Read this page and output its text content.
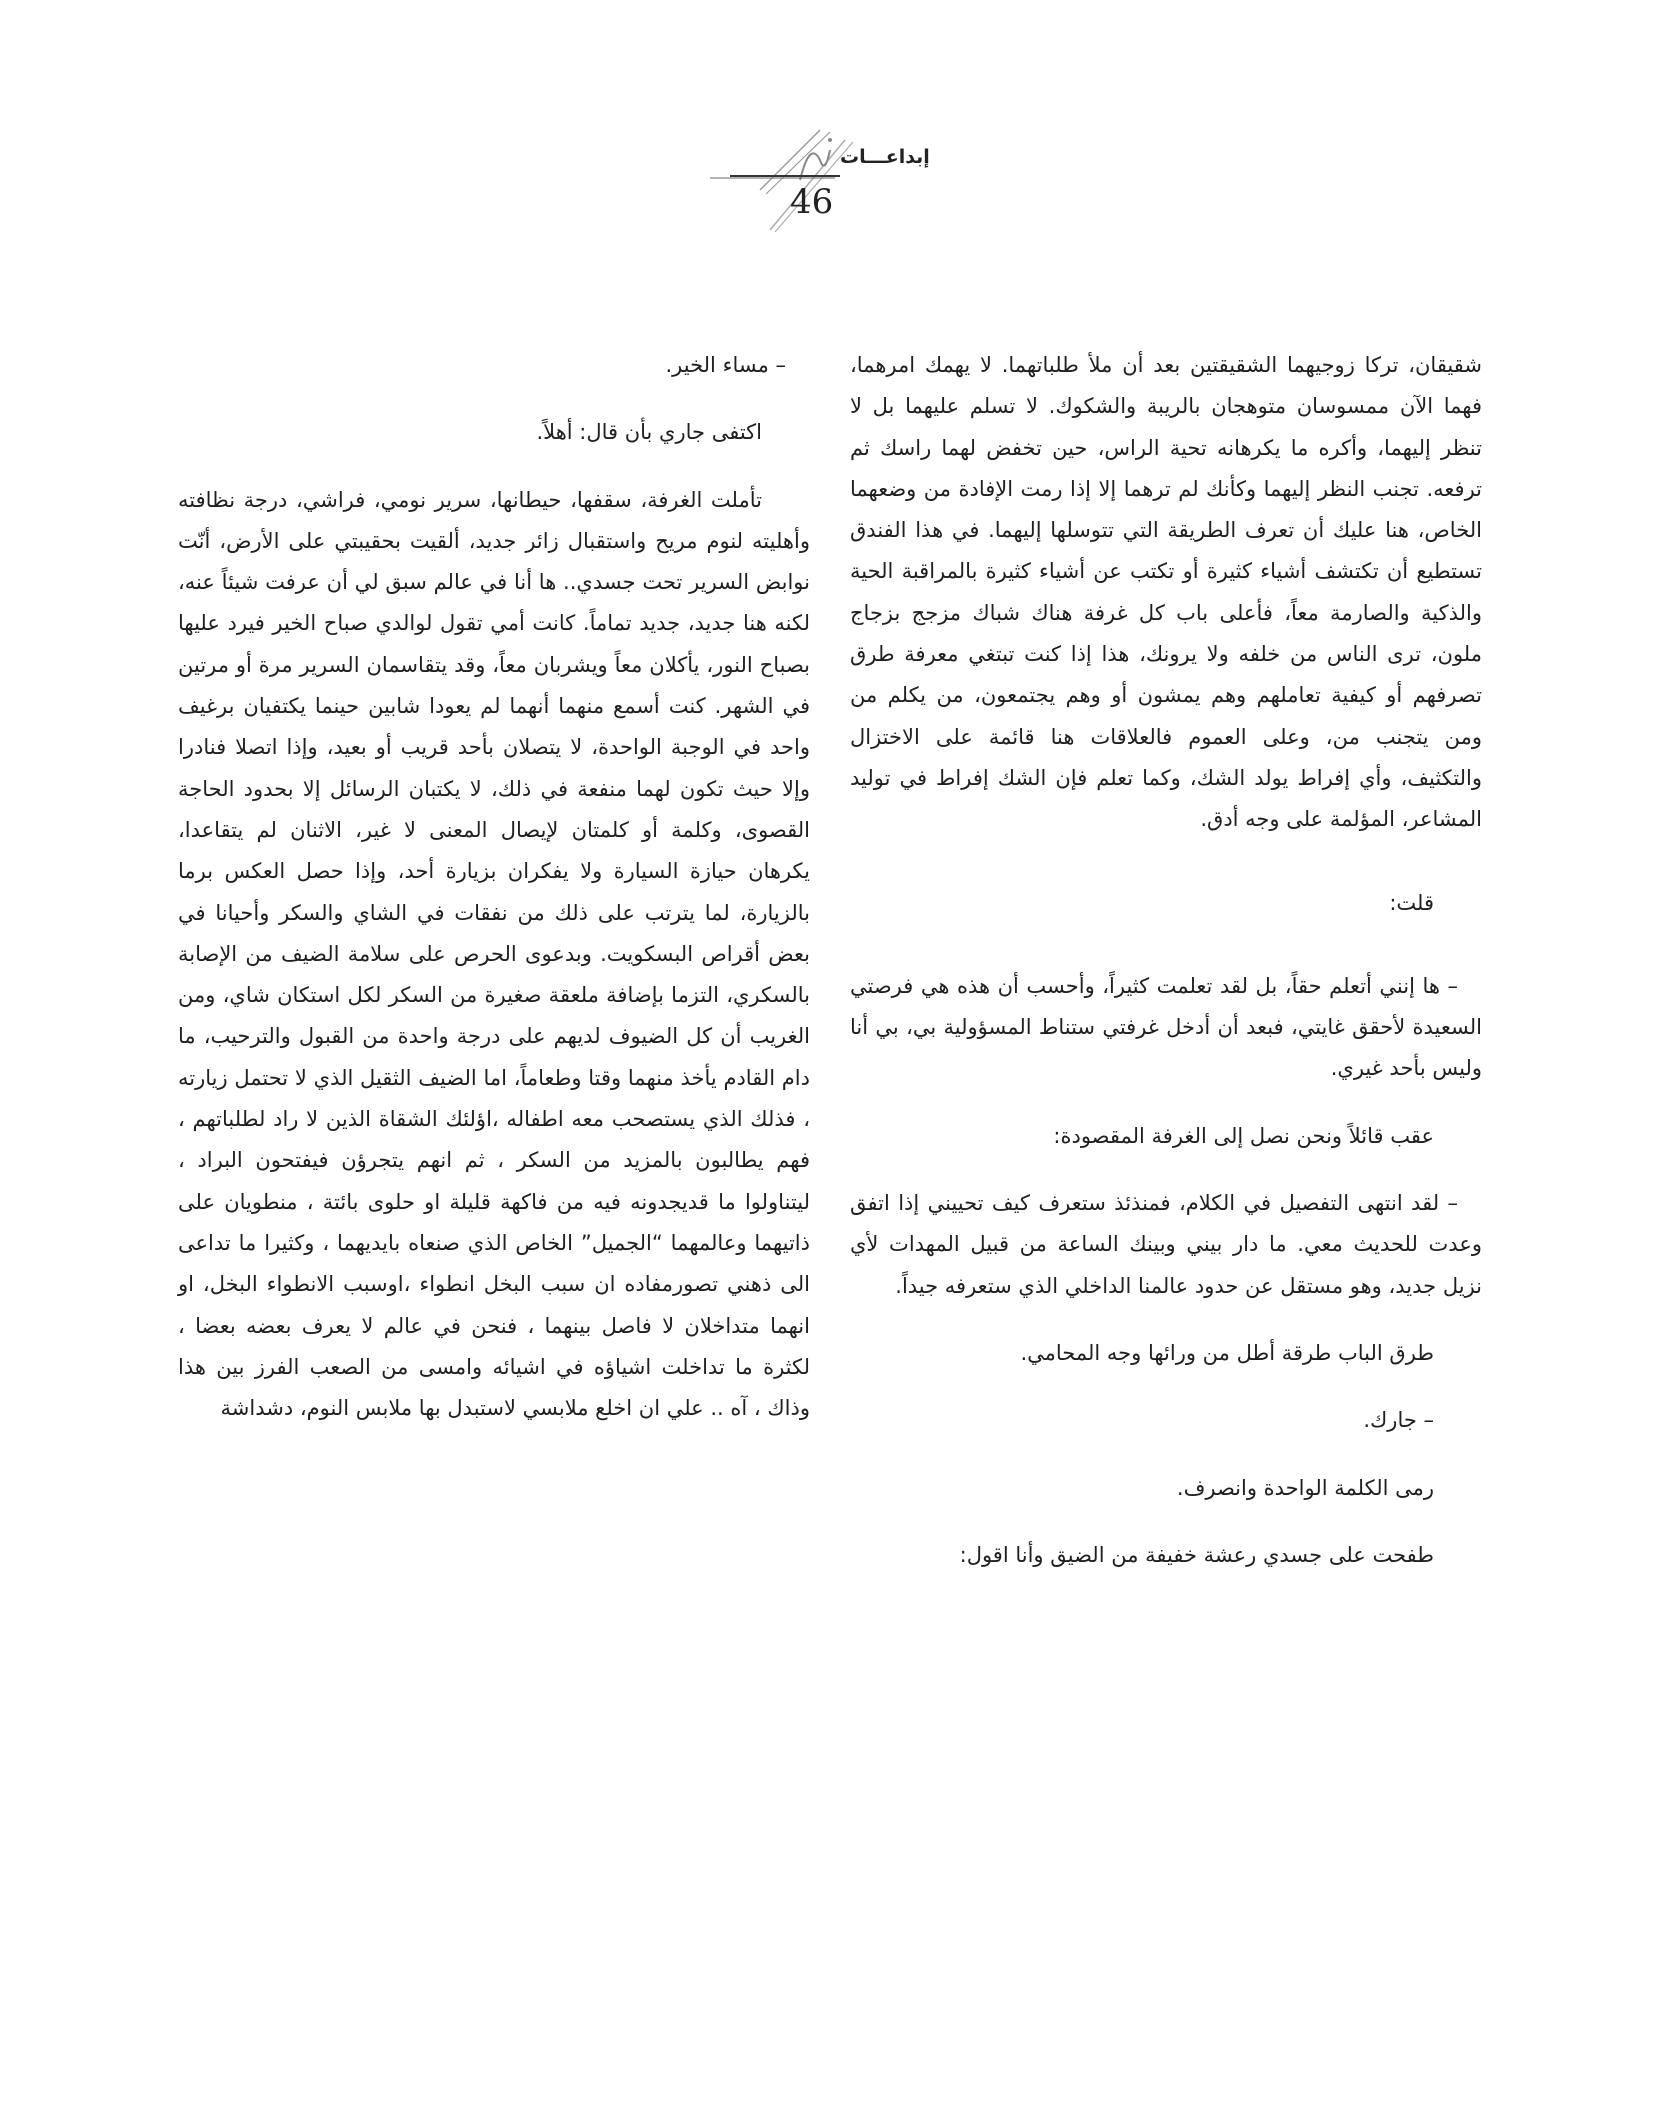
إبداعـــات
46

شقيقان، تركا زوجيهما الشقيقتين بعد أن ملأ طلباتهما. لا يهمك امرهما، فهما الآن ممسوسان متوهجان بالريبة والشكوك. لا تسلم عليهما بل لا تنظر إليهما، وأكره ما يكرهانه تحية الراس، حين تخفض لهما راسك ثم ترفعه. تجنب النظر إليهما وكأنك لم ترهما إلا إذا رمت الإفادة من وضعهما الخاص، هنا عليك أن تعرف الطريقة التي تتوسلها إليهما. في هذا الفندق تستطيع أن تكتشف أشياء كثيرة أو تكتب عن أشياء كثيرة بالمراقبة الحية والذكية والصارمة معاً، فأعلى باب كل غرفة هناك شباك مزجج بزجاج ملون، ترى الناس من خلفه ولا يرونك، هذا إذا كنت تبتغي معرفة طرق تصرفهم أو كيفية تعاملهم وهم يمشون أو وهم يجتمعون، من يكلم من ومن يتجنب من، وعلى العموم فالعلاقات هنا قائمة على الاختزال والتكثيف، وأي إفراط يولد الشك، وكما تعلم فإن الشك إفراط في توليد المشاعر، المؤلمة على وجه أدق.

قلت:

– ها إنني أتعلم حقاً، بل لقد تعلمت كثيراً، وأحسب أن هذه هي فرصتي السعيدة لأحقق غايتي، فبعد أن أدخل غرفتي ستناط المسؤولية بي، بي أنا وليس بأحد غيري.

عقب قائلاً ونحن نصل إلى الغرفة المقصودة:

– لقد انتهى التفصيل في الكلام، فمنذئذ ستعرف كيف تحييني إذا اتفق وعدت للحديث معي. ما دار بيني وبينك الساعة من قبيل المهدات لأي نزيل جديد، وهو مستقل عن حدود عالمنا الداخلي الذي ستعرفه جيداً.

طرق الباب طرقة أطل من ورائها وجه المحامي.

– جارك.

رمى الكلمة الواحدة وانصرف.

طفحت على جسدي رعشة خفيفة من الضيق وأنا اقول:

– مساء الخير.

اكتفى جاري بأن قال: أهلاً.

تأملت الغرفة، سقفها، حيطانها، سرير نومي، فراشي، درجة نظافته وأهليته لنوم مريح واستقبال زائر جديد، ألقيت بحقيبتي على الأرض، أنّت نوابض السرير تحت جسدي.. ها أنا في عالم سبق لي أن عرفت شيئاً عنه، لكنه هنا جديد، جديد تماماً. كانت أمي تقول لوالدي صباح الخير فيرد عليها بصباح النور، يأكلان معاً ويشربان معاً، وقد يتقاسمان السرير مرة أو مرتين في الشهر. كنت أسمع منهما أنهما لم يعودا شابين حينما يكتفيان برغيف واحد في الوجبة الواحدة، لا يتصلان بأحد قريب أو بعيد، وإذا اتصلا فنادرا وإلا حيث تكون لهما منفعة في ذلك، لا يكتبان الرسائل إلا بحدود الحاجة القصوى، وكلمة أو كلمتان لإيصال المعنى لا غير، الاثنان لم يتقاعدا، يكرهان حيازة السيارة ولا يفكران بزيارة أحد، وإذا حصل العكس برما بالزيارة، لما يترتب على ذلك من نفقات في الشاي والسكر وأحيانا في بعض أقراص البسكويت. وبدعوى الحرص على سلامة الضيف من الإصابة بالسكري، التزما بإضافة ملعقة صغيرة من السكر لكل استكان شاي، ومن الغريب أن كل الضيوف لديهم على درجة واحدة من القبول والترحيب، ما دام القادم يأخذ منهما وقتا وطعاماً، اما الضيف الثقيل الذي لا تحتمل زيارته ، فذلك الذي يستصحب معه اطفاله ،اؤلئك الشقاة الذين لا راد لطلباتهم ، فهم يطالبون بالمزيد من السكر ، ثم انهم يتجرؤن فيفتحون البراد ، ليتناولوا ما قديجدونه فيه من فاكهة قليلة او حلوى بائتة ، منطويان على ذاتيهما وعالمهما “الجميل” الخاص الذي صنعاه بايديهما ، وكثيرا ما تداعى الى ذهني تصورمفاده ان سبب البخل انطواء ،اوسبب الانطواء البخل، او انهما متداخلان لا فاصل بينهما ، فنحن في عالم لا يعرف بعضه بعضا ، لكثرة ما تداخلت اشياؤه في اشيائه وامسى من الصعب الفرز بين هذا وذاك ، آه .. علي ان اخلع ملابسي لاستبدل بها ملابس النوم، دشداشة
